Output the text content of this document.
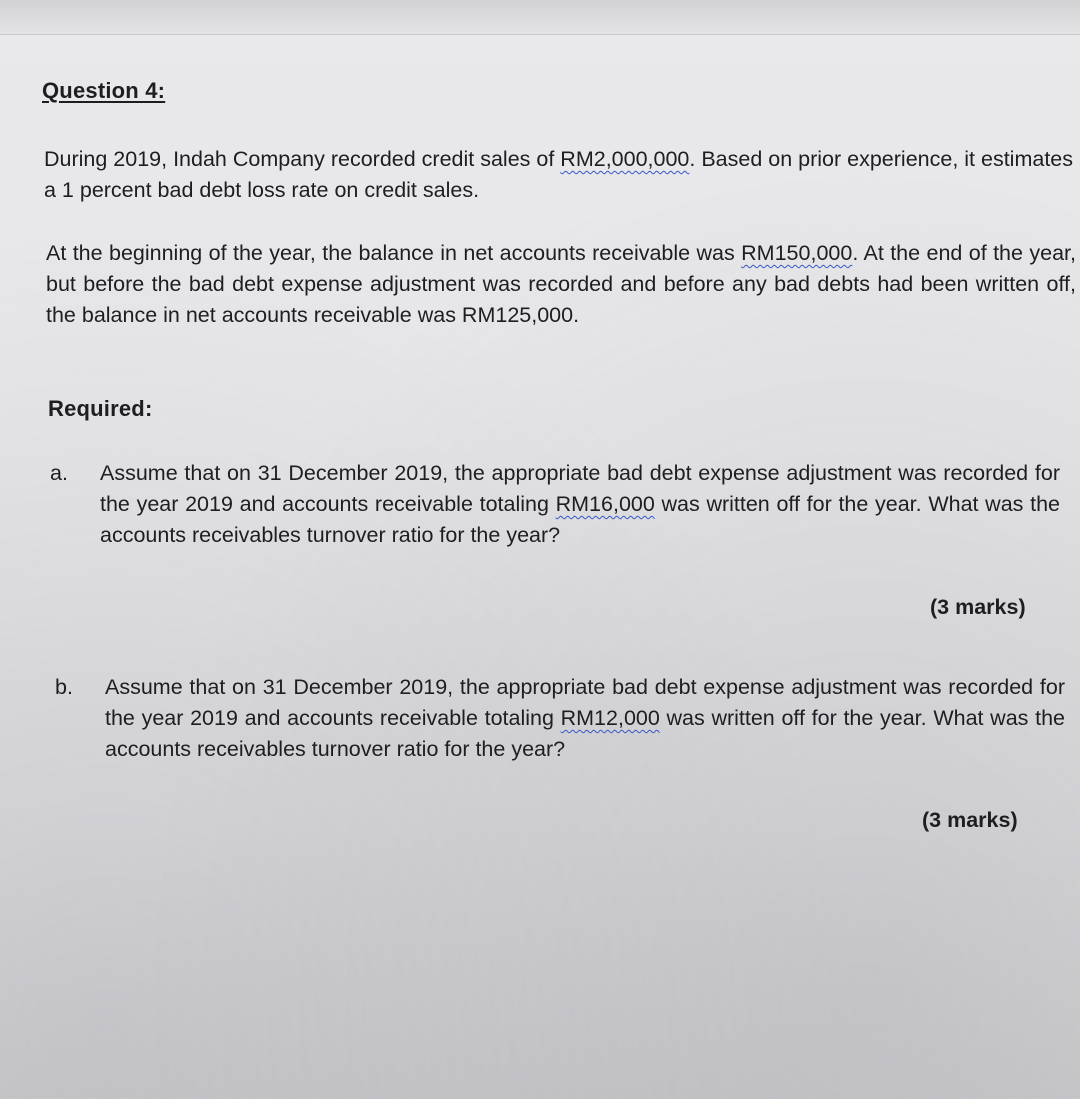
Question 4:

During 2019, Indah Company recorded credit sales of RM2,000,000. Based on prior experience, it estimates a 1 percent bad debt loss rate on credit sales.

At the beginning of the year, the balance in net accounts receivable was RM150,000. At the end of the year, but before the bad debt expense adjustment was recorded and before any bad debts had been written off, the balance in net accounts receivable was RM125,000.

Required:
a. Assume that on 31 December 2019, the appropriate bad debt expense adjustment was recorded for the year 2019 and accounts receivable totaling RM16,000 was written off for the year. What was the accounts receivables turnover ratio for the year?
(3 marks)
b. Assume that on 31 December 2019, the appropriate bad debt expense adjustment was recorded for the year 2019 and accounts receivable totaling RM12,000 was written off for the year. What was the accounts receivables turnover ratio for the year?
(3 marks)
